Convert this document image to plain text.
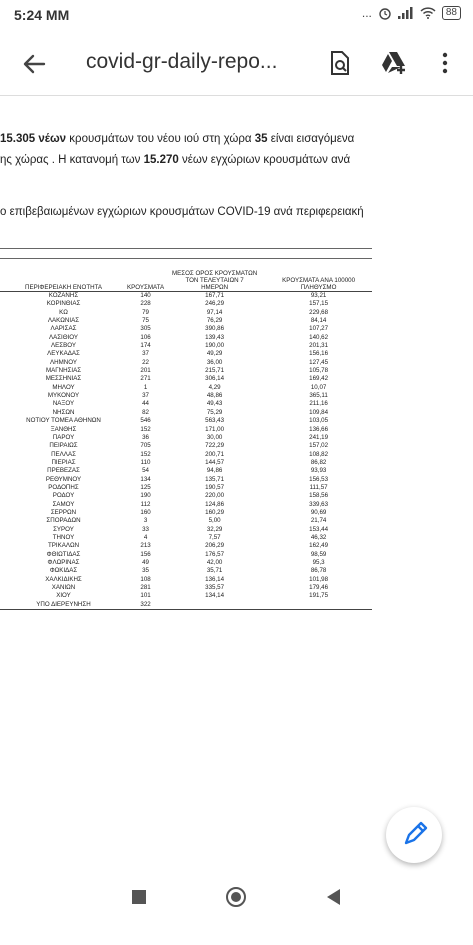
5:24 MM	...	88
covid-gr-daily-repo...
15.305 νέων κρουσμάτων του νέου ιού στη χώρα 35 είναι εισαγόμενα
ης χώρας . Η κατανομή των 15.270 νέων εγχώριων κρουσμάτων ανά
ο επιβεβαιωμένων εγχώριων κρουσμάτων COVID-19 ανά περιφερειακή
ΠΕΡΙΦΕΡΕΙΑΚΗ ΕΝΟΤΗΤΑ	ΚΡΟΥΣΜΑΤΑ	ΜΕΣΟΣ ΟΡΟΣ ΚΡΟΥΣΜΑΤΩΝ ΤΟΝ ΤΕΛΕΥΤΑΙΩΝ 7 ΗΜΕΡΩΝ	ΚΡΟΥΣΜΑΤΑ ΑΝΑ 100000 ΠΛΗΘΥΣΜΟ

ΚΟΖΑΝΗΣ	140	167,71	93,21
ΚΟΡΙΝΘΙΑΣ	228	246,29	157,15
ΚΩ	79	97,14	229,68
ΛΑΚΩΝΙΑΣ	75	76,29	84,14
ΛΑΡΙΣΑΣ	305	390,86	107,27
ΛΑΣΙΘΙΟΥ	106	139,43	140,62
ΛΕΣΒΟΥ	174	190,00	201,31
ΛΕΥΚΑΔΑΣ	37	49,29	156,16
ΛΗΜΝΟΥ	22	36,00	127,45
ΜΑΓΝΗΣΙΑΣ	201	215,71	105,78
ΜΕΣΣΗΝΙΑΣ	271	306,14	169,42
ΜΗΛΟΥ	1	4,29	10,07
ΜΥΚΟΝΟΥ	37	48,86	365,11
ΝΑΞΟΥ	44	49,43	211,16
ΝΗΣΩΝ	82	75,29	109,84
ΝΟΤΙΟΥ ΤΟΜΕΑ ΑΘΗΝΩΝ	546	563,43	103,05
ΞΑΝΘΗΣ	152	171,00	136,66
ΠΑΡΟΥ	36	30,00	241,19
ΠΕΙΡΑΙΩΣ	705	722,29	157,02
ΠΕΛΛΑΣ	152	200,71	108,82
ΠΙΕΡΙΑΣ	110	144,57	86,82
ΠΡΕΒΕΖΑΣ	54	94,86	93,93
ΡΕΘΥΜΝΟΥ	134	135,71	156,53
ΡΟΔΟΠΗΣ	125	190,57	111,57
ΡΟΔΟΥ	190	220,00	158,56
ΣΑΜΟΥ	112	124,86	339,63
ΣΕΡΡΩΝ	160	160,29	90,69
ΣΠΟΡΑΔΩΝ	3	5,00	21,74
ΣΥΡΟΥ	33	32,29	153,44
ΤΗΝΟΥ	4	7,57	46,32
ΤΡΙΚΑΛΩΝ	213	206,29	162,49
ΦΘΙΩΤΙΔΑΣ	156	176,57	98,59
ΦΛΩΡΙΝΑΣ	49	42,00	95,3
ΦΩΚΙΔΑΣ	35	35,71	86,78
ΧΑΛΚΙΔΙΚΗΣ	108	136,14	101,98
ΧΑΝΙΩΝ	281	335,57	179,46
ΧΙΟΥ	101	134,14	191,75
ΥΠΟ ΔΙΕΡΕΥΝΗΣΗ	322		
